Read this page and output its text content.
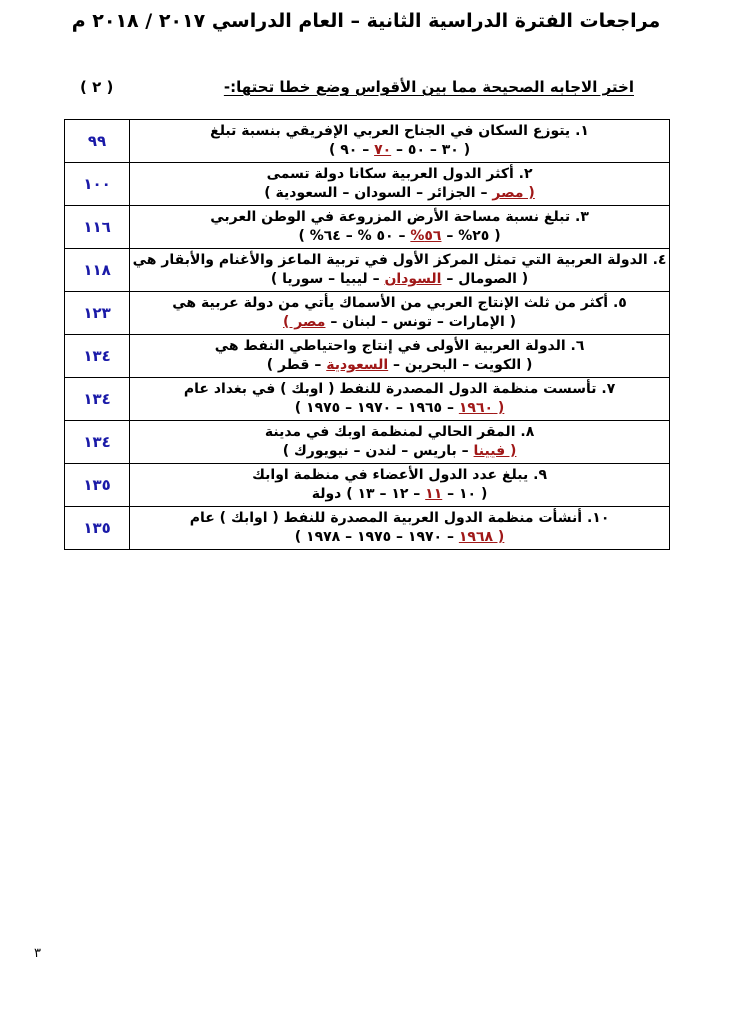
مراجعات الفترة الدراسية الثانية – العام الدراسي ٢٠١٧ / ٢٠١٨ م
اختر الاجابه الصحيحة مما بين الأقواس وضع خطا تحتها:-
( ٢ )
١. يتوزع السكان في الجناح العربي الإفريقي بنسبة تبلغ
( ٣٠ – ٥٠ – ٧٠ – ٩٠ )	٩٩

٢. أكثر الدول العربية سكانا دولة تسمى
( مصر – الجزائر – السودان – السعودية )	١٠٠

٣. تبلغ نسبة مساحة الأرض المزروعة في الوطن العربي
( ٢٥% – ٥٦% – ٥٠ % – ٦٤% )	١١٦

٤. الدولة العربية التي تمثل المركز الأول في تربية الماعز والأغنام والأبقار هي
( الصومال – السودان – ليبيا – سوريا )	١١٨

٥. أكثر من ثلث الإنتاج العربي من الأسماك يأتي من دولة عربية هي
( الإمارات – تونس – لبنان – مصر )	١٢٣

٦. الدولة العربية الأولى في إنتاج واحتياطي النفط هي
( الكويت – البحرين – السعودية – قطر )	١٣٤

٧. تأسست منظمة الدول المصدرة للنفط ( اوبك ) في بغداد عام
( ١٩٦٠ – ١٩٦٥ – ١٩٧٠ – ١٩٧٥ )	١٣٤

٨. المقر الحالي لمنظمة اوبك في مدينة
( فيينا – باريس – لندن – نيويورك )	١٣٤

٩. يبلغ عدد الدول الأعضاء في منظمة اوابك
( ١٠ – ١١ – ١٢ – ١٣ ) دولة	١٣٥

١٠. أنشأت منظمة الدول العربية المصدرة للنفط ( اوابك ) عام
( ١٩٦٨ – ١٩٧٠ – ١٩٧٥ – ١٩٧٨ )	١٣٥
٣
